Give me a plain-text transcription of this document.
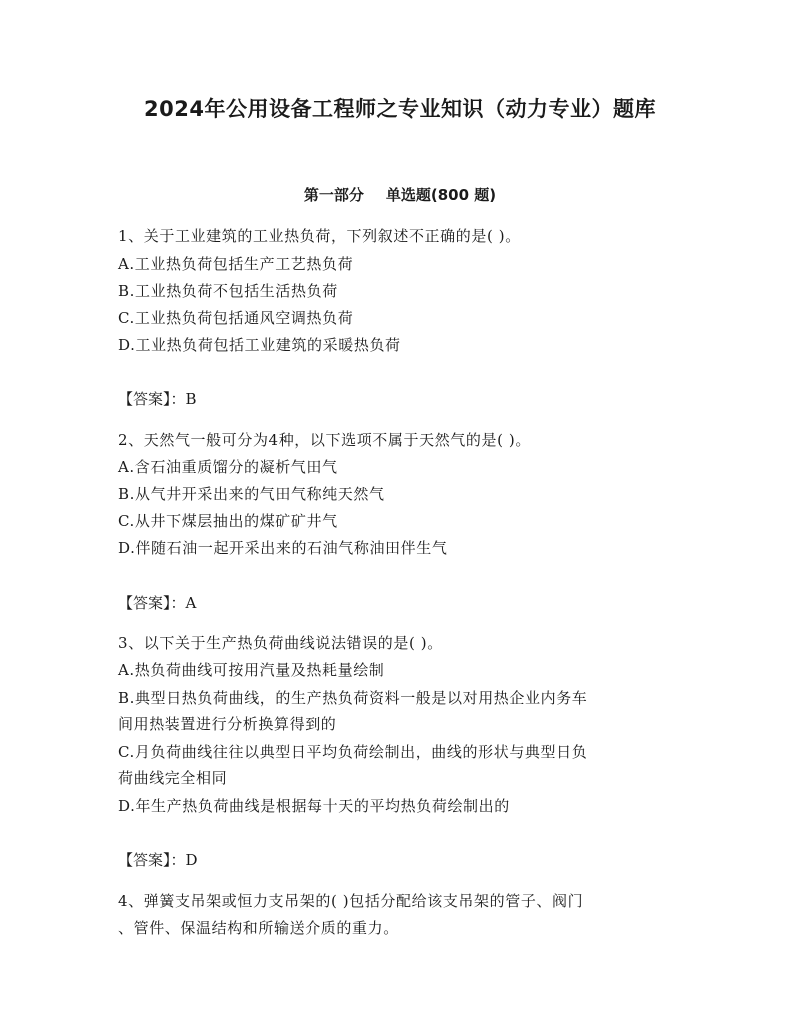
2024年公用设备工程师之专业知识（动力专业）题库
第一部分 单选题(800 题)
1、关于工业建筑的工业热负荷，下列叙述不正确的是( )。
A.工业热负荷包括生产工艺热负荷
B.工业热负荷不包括生活热负荷
C.工业热负荷包括通风空调热负荷
D.工业热负荷包括工业建筑的采暖热负荷
【答案】：B
2、天然气一般可分为4种，以下选项不属于天然气的是( )。
A.含石油重质馏分的凝析气田气
B.从气井开采出来的气田气称纯天然气
C.从井下煤层抽出的煤矿矿井气
D.伴随石油一起开采出来的石油气称油田伴生气
【答案】：A
3、以下关于生产热负荷曲线说法错误的是( )。
A.热负荷曲线可按用汽量及热耗量绘制
B.典型日热负荷曲线，的生产热负荷资料一般是以对用热企业内务车
间用热装置进行分析换算得到的
C.月负荷曲线往往以典型日平均负荷绘制出，曲线的形状与典型日负
荷曲线完全相同
D.年生产热负荷曲线是根据每十天的平均热负荷绘制出的
【答案】：D
4、弹簧支吊架或恒力支吊架的( )包括分配给该支吊架的管子、阀门
、管件、保温结构和所输送介质的重力。
